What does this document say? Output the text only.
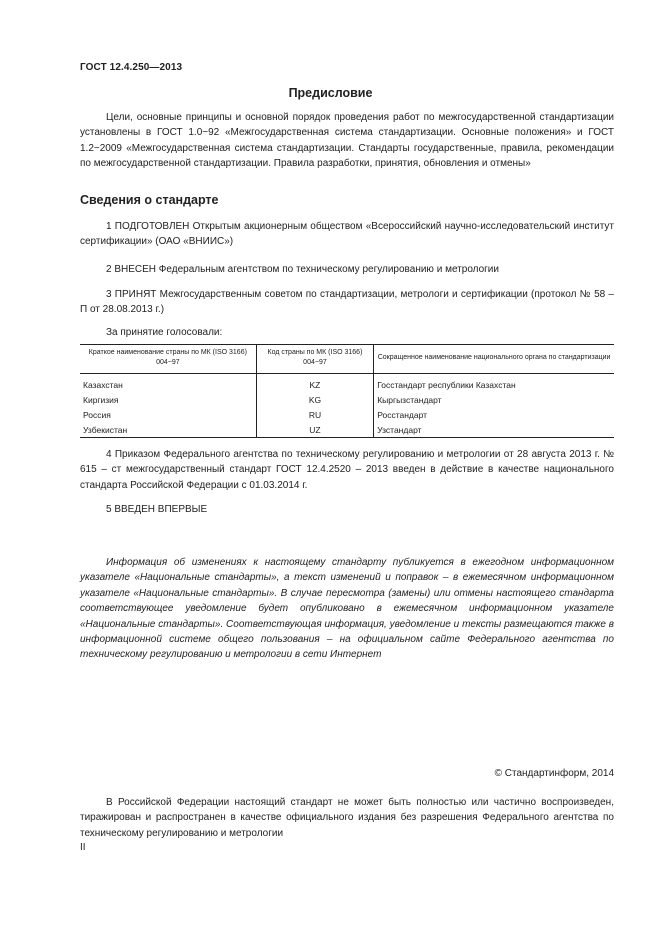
ГОСТ 12.4.250—2013
Предисловие
Цели, основные принципы и основной порядок проведения работ по межгосударственной стандартизации установлены в ГОСТ 1.0−92 «Межгосударственная система стандартизации. Основные положения» и ГОСТ 1.2−2009 «Межгосударственная система стандартизации. Стандарты государственные, правила, рекомендации по межгосударственной стандартизации. Правила разработки, принятия, обновления и отмены»
Сведения о стандарте
1 ПОДГОТОВЛЕН Открытым акционерным обществом «Всероссийский научно-исследовательский институт сертификации» (ОАО «ВНИИС»)
2 ВНЕСЕН Федеральным агентством по техническому регулированию и метрологии
3 ПРИНЯТ Межгосударственным советом по стандартизации, метрологи и сертификации (протокол № 58 – П от 28.08.2013 г.)
За принятие голосовали:
Краткое наименование страны по МК (ISO 3166) 004−97	Код страны по МК (ISO 3166) 004−97	Сокращенное наименование национального органа по стандартизации
Казахстан	KZ	Госстандарт республики Казахстан
Киргизия	KG	Кыргызстандарт
Россия	RU	Росстандарт
Узбекистан	UZ	Узстандарт
4 Приказом Федерального агентства по техническому регулированию и метрологии от 28 августа 2013 г. № 615 – ст межгосударственный стандарт ГОСТ 12.4.2520 – 2013 введен в действие в качестве национального стандарта Российской Федерации с 01.03.2014 г.
5 ВВЕДЕН ВПЕРВЫЕ
Информация об изменениях к настоящему стандарту публикуется в ежегодном информационном указателе «Национальные стандарты», а текст изменений и поправок – в ежемесячном информационном указателе «Национальные стандарты». В случае пересмотра (замены) или отмены настоящего стандарта соответствующее уведомление будет опубликовано в ежемесячном информационном указателе «Национальные стандарты». Соответствующая информация, уведомление и тексты размещаются также в информационной системе общего пользования – на официальном сайте Федерального агентства по техническому регулированию и метрологии в сети Интернет
© Стандартинформ, 2014
В Российской Федерации настоящий стандарт не может быть полностью или частично воспроизведен, тиражирован и распространен в качестве официального издания без разрешения Федерального агентства по техническому регулированию и метрологии
II
